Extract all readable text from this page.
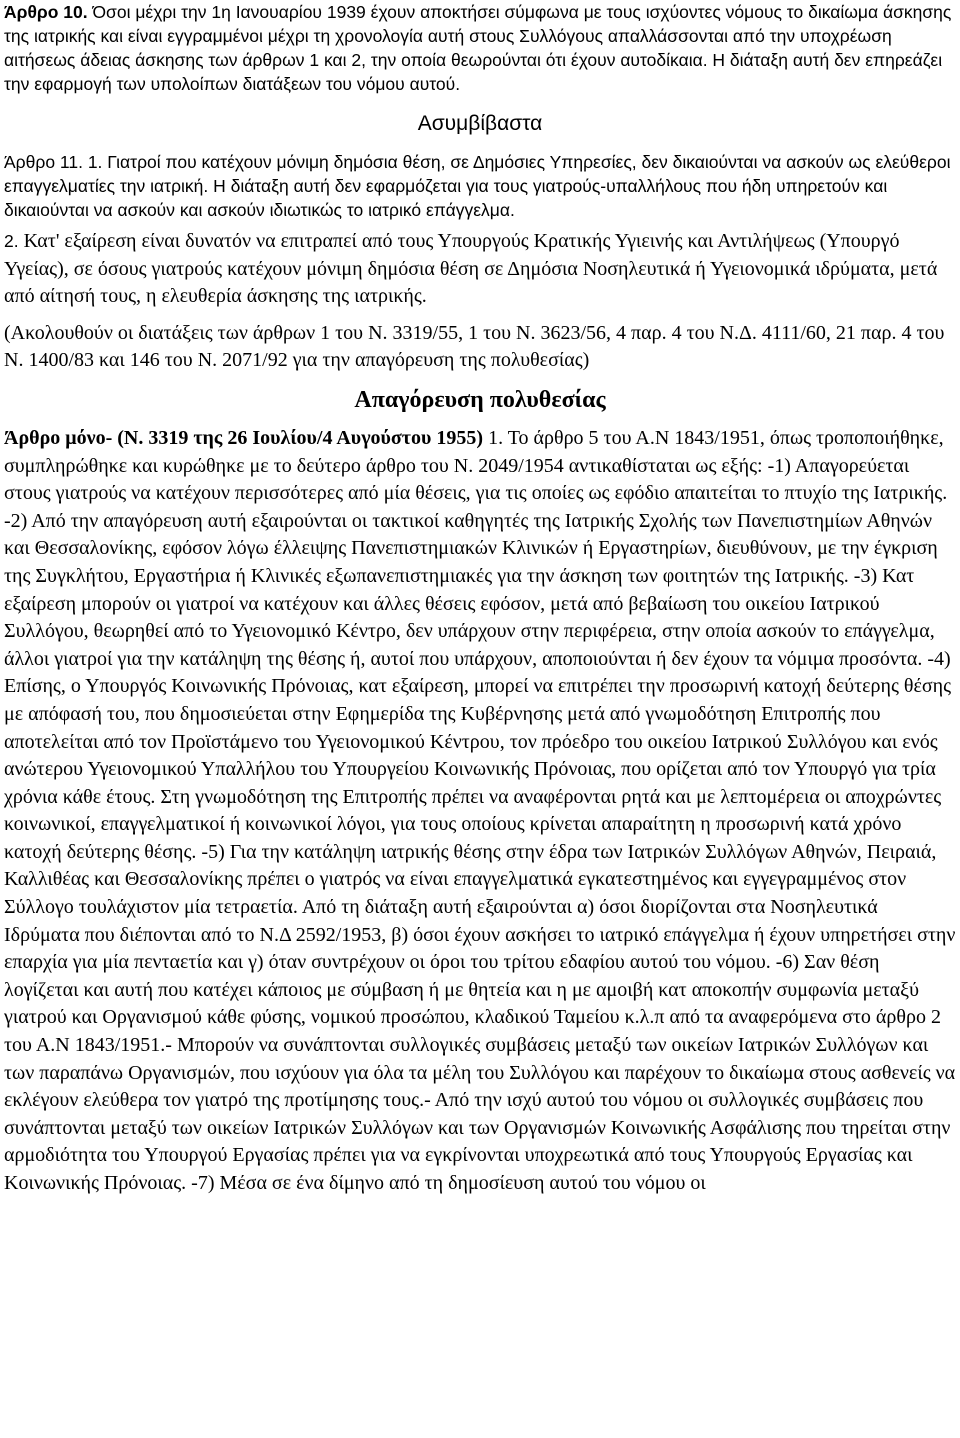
Άρθρο 10. Όσοι μέχρι την 1η Ιανουαρίου 1939 έχουν αποκτήσει σύμφωνα με τους ισχύοντες νόμους το δικαίωμα άσκησης της ιατρικής και είναι εγγραμμένοι μέχρι τη χρονολογία αυτή στους Συλλόγους απαλλάσσονται από την υποχρέωση αιτήσεως άδειας άσκησης των άρθρων 1 και 2, την οποία θεωρούνται ότι έχουν αυτοδίκαια. Η διάταξη αυτή δεν επηρεάζει την εφαρμογή των υπολοίπων διατάξεων του νόμου αυτού.

Ασυμβίβαστα

Άρθρο 11. 1. Γιατροί που κατέχουν μόνιμη δημόσια θέση, σε Δημόσιες Υπηρεσίες, δεν δικαιούνται να ασκούν ως ελεύθεροι επαγγελματίες την ιατρική. Η διάταξη αυτή δεν εφαρμόζεται για τους γιατρούς-υπαλλήλους που ήδη υπηρετούν και δικαιούνται να ασκούν και ασκούν ιδιωτικώς το ιατρικό επάγγελμα.

2. Κατ' εξαίρεση είναι δυνατόν να επιτραπεί από τους Υπουργούς Κρατικής Υγιεινής και Αντιλήψεως (Υπουργό Υγείας), σε όσους γιατρούς κατέχουν μόνιμη δημόσια θέση σε Δημόσια Νοσηλευτικά ή Υγειονομικά ιδρύματα, μετά από αίτησή τους, η ελευθερία άσκησης της ιατρικής.

(Ακολουθούν οι διατάξεις των άρθρων 1 του Ν. 3319/55, 1 του Ν. 3623/56, 4 παρ. 4 του Ν.Δ. 4111/60, 21 παρ. 4 του Ν. 1400/83 και 146 του Ν. 2071/92 για την απαγόρευση της πολυθεσίας)

Απαγόρευση πολυθεσίας

Άρθρο μόνο- (Ν. 3319 της 26 Ιουλίου/4 Αυγούστου 1955) 1. Το άρθρο 5 του Α.Ν 1843/1951, όπως τροποποιήθηκε, συμπληρώθηκε και κυρώθηκε με το δεύτερο άρθρο του Ν. 2049/1954 αντικαθίσταται ως εξής: -1) Απαγορεύεται στους γιατρούς να κατέχουν περισσότερες από μία θέσεις, για τις οποίες ως εφόδιο απαιτείται το πτυχίο της Ιατρικής. -2) Από την απαγόρευση αυτή εξαιρούνται οι τακτικοί καθηγητές της Ιατρικής Σχολής των Πανεπιστημίων Αθηνών και Θεσσαλονίκης, εφόσον λόγω έλλειψης Πανεπιστημιακών Κλινικών ή Εργαστηρίων, διευθύνουν, με την έγκριση της Συγκλήτου, Εργαστήρια ή Κλινικές εξωπανεπιστημιακές για την άσκηση των φοιτητών της Ιατρικής. -3) Κατ εξαίρεση μπορούν οι γιατροί να κατέχουν και άλλες θέσεις εφόσον, μετά από βεβαίωση του οικείου Ιατρικού Συλλόγου, θεωρηθεί από το Υγειονομικό Κέντρο, δεν υπάρχουν στην περιφέρεια, στην οποία ασκούν το επάγγελμα, άλλοι γιατροί για την κατάληψη της θέσης ή, αυτοί που υπάρχουν, αποποιούνται ή δεν έχουν τα νόμιμα προσόντα. -4) Επίσης, ο Υπουργός Κοινωνικής Πρόνοιας, κατ εξαίρεση, μπορεί να επιτρέπει την προσωρινή κατοχή δεύτερης θέσης με απόφασή του, που δημοσιεύεται στην Εφημερίδα της Κυβέρνησης μετά από γνωμοδότηση Επιτροπής που αποτελείται από τον Προϊστάμενο του Υγειονομικού Κέντρου, τον πρόεδρο του οικείου Ιατρικού Συλλόγου και ενός ανώτερου Υγειονομικού Υπαλλήλου του Υπουργείου Κοινωνικής Πρόνοιας, που ορίζεται από τον Υπουργό για τρία χρόνια κάθε έτους. Στη γνωμοδότηση της Επιτροπής πρέπει να αναφέρονται ρητά και με λεπτομέρεια οι αποχρώντες κοινωνικοί, επαγγελματικοί ή κοινωνικοί λόγοι, για τους οποίους κρίνεται απαραίτητη η προσωρινή κατά χρόνο κατοχή δεύτερης θέσης. -5) Για την κατάληψη ιατρικής θέσης στην έδρα των Ιατρικών Συλλόγων Αθηνών, Πειραιά, Καλλιθέας και Θεσσαλονίκης πρέπει ο γιατρός να είναι επαγγελματικά εγκατεστημένος και εγγεγραμμένος στον Σύλλογο τουλάχιστον μία τετραετία. Από τη διάταξη αυτή εξαιρούνται α) όσοι διορίζονται στα Νοσηλευτικά Ιδρύματα που διέπονται από το Ν.Δ 2592/1953, β) όσοι έχουν ασκήσει το ιατρικό επάγγελμα ή έχουν υπηρετήσει στην επαρχία για μία πενταετία και γ) όταν συντρέχουν οι όροι του τρίτου εδαφίου αυτού του νόμου. -6) Σαν θέση λογίζεται και αυτή που κατέχει κάποιος με σύμβαση ή με θητεία και η με αμοιβή κατ αποκοπήν συμφωνία μεταξύ γιατρού και Οργανισμού κάθε φύσης, νομικού προσώπου, κλαδικού Ταμείου κ.λ.π από τα αναφερόμενα στο άρθρο 2 του Α.Ν 1843/1951.- Μπορούν να συνάπτονται συλλογικές συμβάσεις μεταξύ των οικείων Ιατρικών Συλλόγων και των παραπάνω Οργανισμών, που ισχύουν για όλα τα μέλη του Συλλόγου και παρέχουν το δικαίωμα στους ασθενείς να εκλέγουν ελεύθερα τον γιατρό της προτίμησης τους.- Από την ισχύ αυτού του νόμου οι συλλογικές συμβάσεις που συνάπτονται μεταξύ των οικείων Ιατρικών Συλλόγων και των Οργανισμών Κοινωνικής Ασφάλισης που τηρείται στην αρμοδιότητα του Υπουργού Εργασίας πρέπει για να εγκρίνονται υποχρεωτικά από τους Υπουργούς Εργασίας και Κοινωνικής Πρόνοιας. -7) Μέσα σε ένα δίμηνο από τη δημοσίευση αυτού του νόμου οι
